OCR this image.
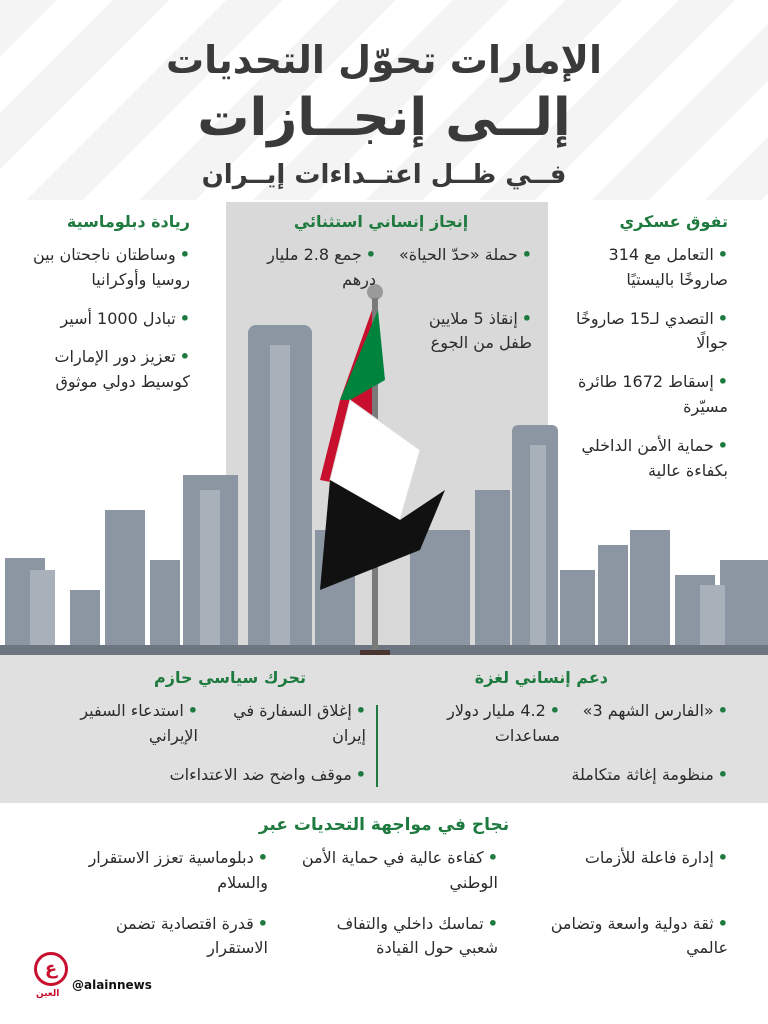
الإمارات تحوّل التحديات
إلــى إنجــازات
فــي ظــل اعتــداءات إيــران
تفوق عسكري
•التعامل مع 314 صاروخًا باليستيًا
•التصدي لـ15 صاروخًا جوالًا
•إسقاط 1672 طائرة مسيّرة
•حماية الأمن الداخلي بكفاءة عالية
إنجاز إنساني استثنائي
•حملة «حدّ الحياة»
•جمع 2.8 مليار درهم
•إنقاذ 5 ملايين طفل من الجوع
ريادة دبلوماسية
•وساطتان ناجحتان بين روسيا وأوكرانيا
•تبادل 1000 أسير
•تعزيز دور الإمارات كوسيط دولي موثوق
دعم إنساني لغزة
•«الفارس الشهم 3»
•4.2 مليار دولار مساعدات
•منظومة إغاثة متكاملة
تحرك سياسي حازم
•إغلاق السفارة في إيران
•استدعاء السفير الإيراني
•موقف واضح ضد الاعتداءات
نجاح في مواجهة التحديات عبر
•إدارة فاعلة للأزمات
•كفاءة عالية في حماية الأمن الوطني
•دبلوماسية تعزز الاستقرار والسلام
•ثقة دولية واسعة وتضامن عالمي
•تماسك داخلي والتفاف شعبي حول القيادة
•قدرة اقتصادية تضمن الاستقرار
ع
العين
@alainnews
